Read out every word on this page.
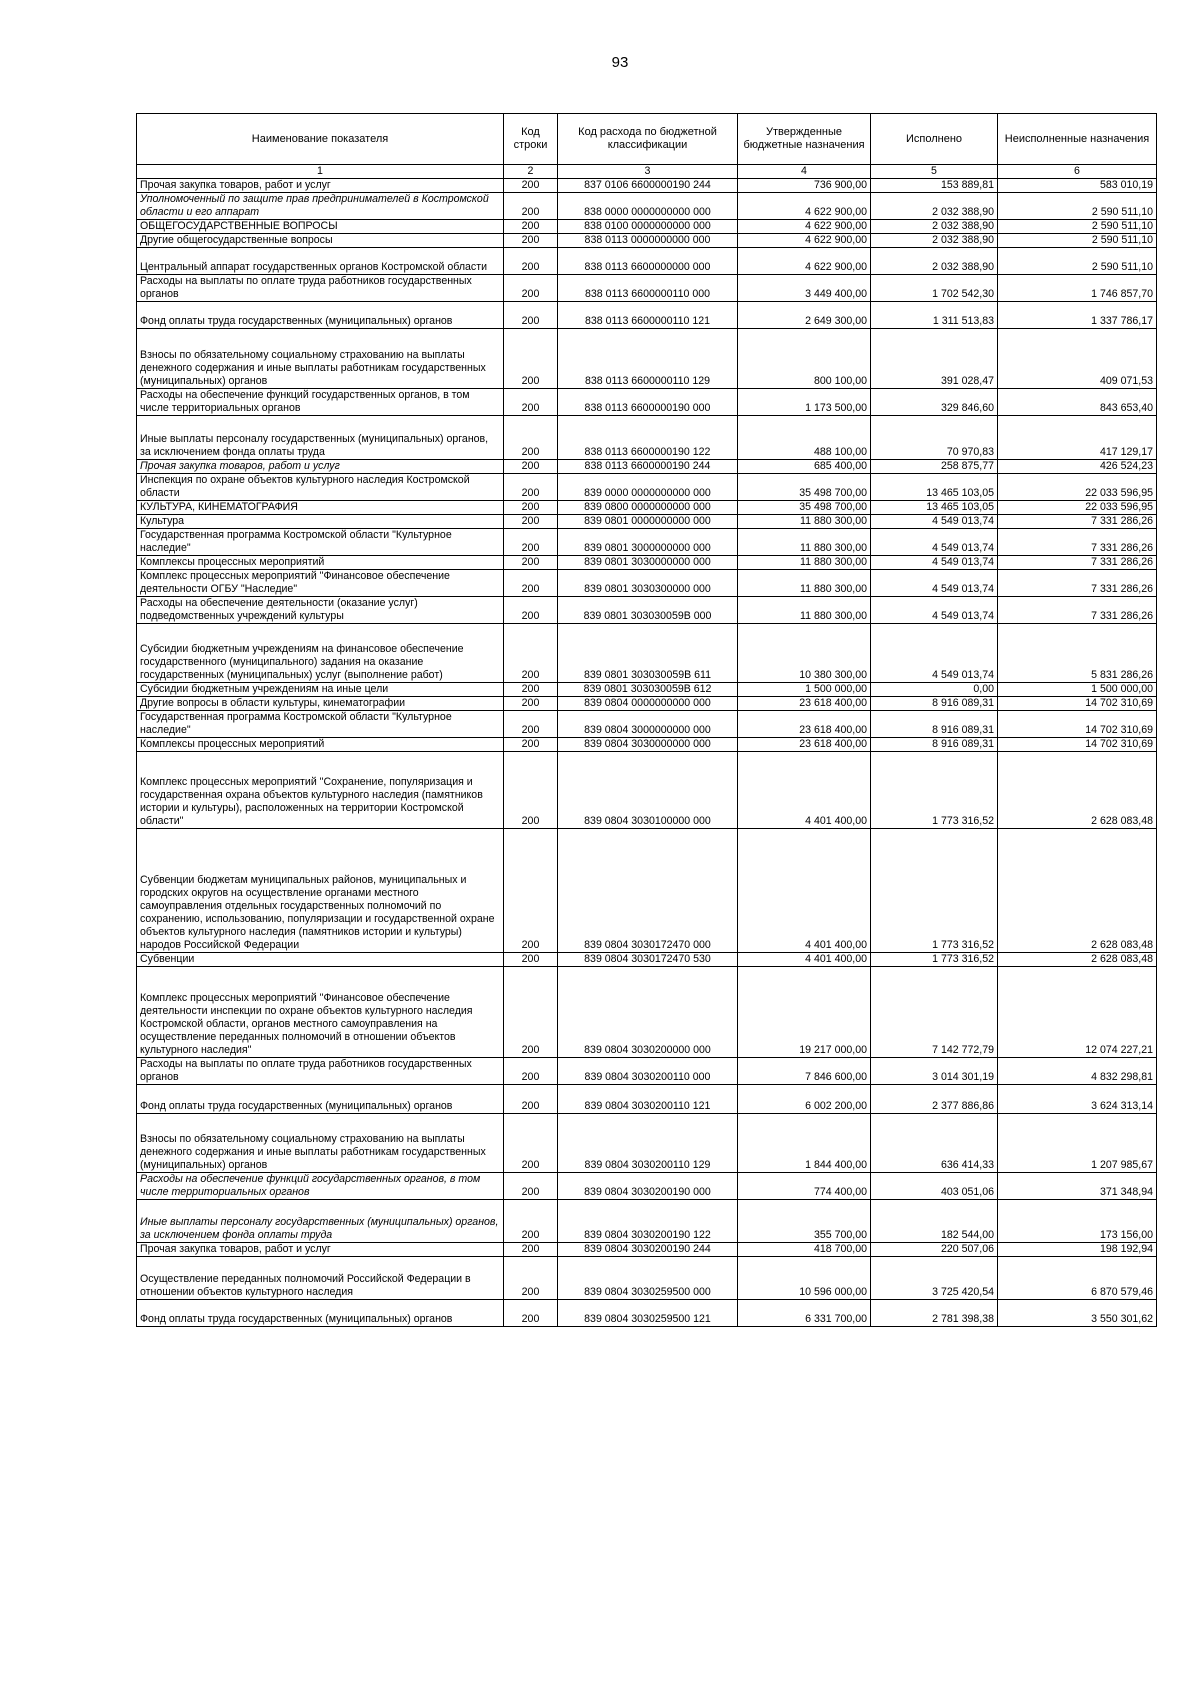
93
Наименование показателя	Код строки	Код расхода по бюджетной классификации	Утвержденные бюджетные назначения	Исполнено	Неисполненные назначения
1	2	3	4	5	6
Прочая закупка товаров, работ и услуг	200	837 0106 6600000190 244	736 900,00	153 889,81	583 010,19
Уполномоченный по защите прав предпринимателей в Костромской области и его аппарат	200	838 0000 0000000000 000	4 622 900,00	2 032 388,90	2 590 511,10
ОБЩЕГОСУДАРСТВЕННЫЕ ВОПРОСЫ	200	838 0100 0000000000 000	4 622 900,00	2 032 388,90	2 590 511,10
Другие общегосударственные вопросы	200	838 0113 0000000000 000	4 622 900,00	2 032 388,90	2 590 511,10
Центральный аппарат государственных органов Костромской области	200	838 0113 6600000000 000	4 622 900,00	2 032 388,90	2 590 511,10
Расходы на выплаты по оплате труда работников государственных органов	200	838 0113 6600000110 000	3 449 400,00	1 702 542,30	1 746 857,70
Фонд оплаты труда государственных (муниципальных) органов	200	838 0113 6600000110 121	2 649 300,00	1 311 513,83	1 337 786,17
Взносы по обязательному социальному страхованию на выплаты денежного содержания и иные выплаты работникам государственных (муниципальных) органов	200	838 0113 6600000110 129	800 100,00	391 028,47	409 071,53
Расходы на обеспечение функций государственных органов, в том числе территориальных органов	200	838 0113 6600000190 000	1 173 500,00	329 846,60	843 653,40
Иные выплаты персоналу государственных (муниципальных) органов, за исключением фонда оплаты труда	200	838 0113 6600000190 122	488 100,00	70 970,83	417 129,17
Прочая закупка товаров, работ и услуг	200	838 0113 6600000190 244	685 400,00	258 875,77	426 524,23
Инспекция по охране объектов культурного наследия Костромской области	200	839 0000 0000000000 000	35 498 700,00	13 465 103,05	22 033 596,95
КУЛЬТУРА, КИНЕМАТОГРАФИЯ	200	839 0800 0000000000 000	35 498 700,00	13 465 103,05	22 033 596,95
Культура	200	839 0801 0000000000 000	11 880 300,00	4 549 013,74	7 331 286,26
Государственная программа Костромской области "Культурное наследие"	200	839 0801 3000000000 000	11 880 300,00	4 549 013,74	7 331 286,26
Комплексы процессных мероприятий	200	839 0801 3030000000 000	11 880 300,00	4 549 013,74	7 331 286,26
Комплекс процессных мероприятий "Финансовое обеспечение деятельности ОГБУ "Наследие"	200	839 0801 3030300000 000	11 880 300,00	4 549 013,74	7 331 286,26
Расходы на обеспечение деятельности (оказание услуг) подведомственных учреждений культуры	200	839 0801 303030059В 000	11 880 300,00	4 549 013,74	7 331 286,26
Субсидии бюджетным учреждениям на финансовое обеспечение государственного (муниципального) задания на оказание государственных (муниципальных) услуг (выполнение работ)	200	839 0801 303030059В 611	10 380 300,00	4 549 013,74	5 831 286,26
Субсидии бюджетным учреждениям на иные цели	200	839 0801 303030059В 612	1 500 000,00	0,00	1 500 000,00
Другие вопросы в области культуры, кинематографии	200	839 0804 0000000000 000	23 618 400,00	8 916 089,31	14 702 310,69
Государственная программа Костромской области "Культурное наследие"	200	839 0804 3000000000 000	23 618 400,00	8 916 089,31	14 702 310,69
Комплексы процессных мероприятий	200	839 0804 3030000000 000	23 618 400,00	8 916 089,31	14 702 310,69
Комплекс процессных мероприятий "Сохранение, популяризация и государственная охрана объектов культурного наследия (памятников истории и культуры), расположенных на территории Костромской области"	200	839 0804 3030100000 000	4 401 400,00	1 773 316,52	2 628 083,48
Субвенции бюджетам муниципальных районов, муниципальных и городских округов на осуществление органами местного самоуправления отдельных государственных полномочий по сохранению, использованию, популяризации и государственной охране объектов культурного наследия (памятников истории и культуры) народов Российской Федерации	200	839 0804 3030172470 000	4 401 400,00	1 773 316,52	2 628 083,48
Субвенции	200	839 0804 3030172470 530	4 401 400,00	1 773 316,52	2 628 083,48
Комплекс процессных мероприятий "Финансовое обеспечение деятельности инспекции по охране объектов культурного наследия Костромской области, органов местного самоуправления на осуществление переданных полномочий в отношении объектов культурного наследия"	200	839 0804 3030200000 000	19 217 000,00	7 142 772,79	12 074 227,21
Расходы на выплаты по оплате труда работников государственных органов	200	839 0804 3030200110 000	7 846 600,00	3 014 301,19	4 832 298,81
Фонд оплаты труда государственных (муниципальных) органов	200	839 0804 3030200110 121	6 002 200,00	2 377 886,86	3 624 313,14
Взносы по обязательному социальному страхованию на выплаты денежного содержания и иные выплаты работникам государственных (муниципальных) органов	200	839 0804 3030200110 129	1 844 400,00	636 414,33	1 207 985,67
Расходы на обеспечение функций государственных органов, в том числе территориальных органов	200	839 0804 3030200190 000	774 400,00	403 051,06	371 348,94
Иные выплаты персоналу государственных (муниципальных) органов, за исключением фонда оплаты труда	200	839 0804 3030200190 122	355 700,00	182 544,00	173 156,00
Прочая закупка товаров, работ и услуг	200	839 0804 3030200190 244	418 700,00	220 507,06	198 192,94
Осуществление переданных полномочий Российской Федерации в отношении объектов культурного наследия	200	839 0804 3030259500 000	10 596 000,00	3 725 420,54	6 870 579,46
Фонд оплаты труда государственных (муниципальных) органов	200	839 0804 3030259500 121	6 331 700,00	2 781 398,38	3 550 301,62
